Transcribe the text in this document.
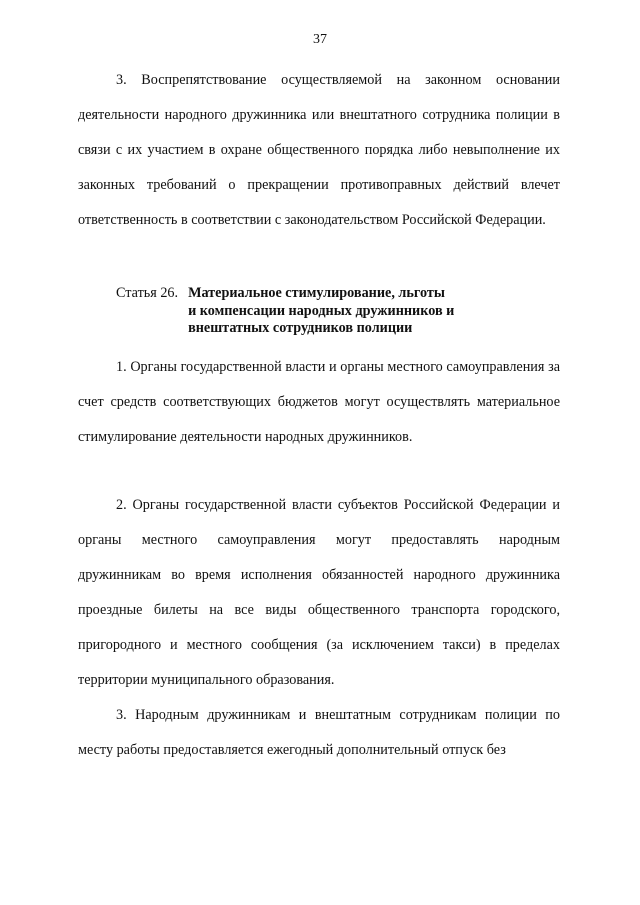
37

3. Воспрепятствование осуществляемой на законном основании деятельности народного дружинника или внештатного сотрудника полиции в связи с их участием в охране общественного порядка либо невыполнение их законных требований о прекращении противоправных действий влечет ответственность в соответствии с законодательством Российской Федерации.

Статья 26. Материальное стимулирование, льготы
и компенсации народных дружинников и
внештатных сотрудников полиции

1. Органы государственной власти и органы местного самоуправления за счет средств соответствующих бюджетов могут осуществлять материальное стимулирование деятельности народных дружинников.

2. Органы государственной власти субъектов Российской Федерации и органы местного самоуправления могут предоставлять народным дружинникам во время исполнения обязанностей народного дружинника проездные билеты на все виды общественного транспорта городского, пригородного и местного сообщения (за исключением такси) в пределах территории муниципального образования.

3. Народным дружинникам и внештатным сотрудникам полиции по месту работы предоставляется ежегодный дополнительный отпуск без
